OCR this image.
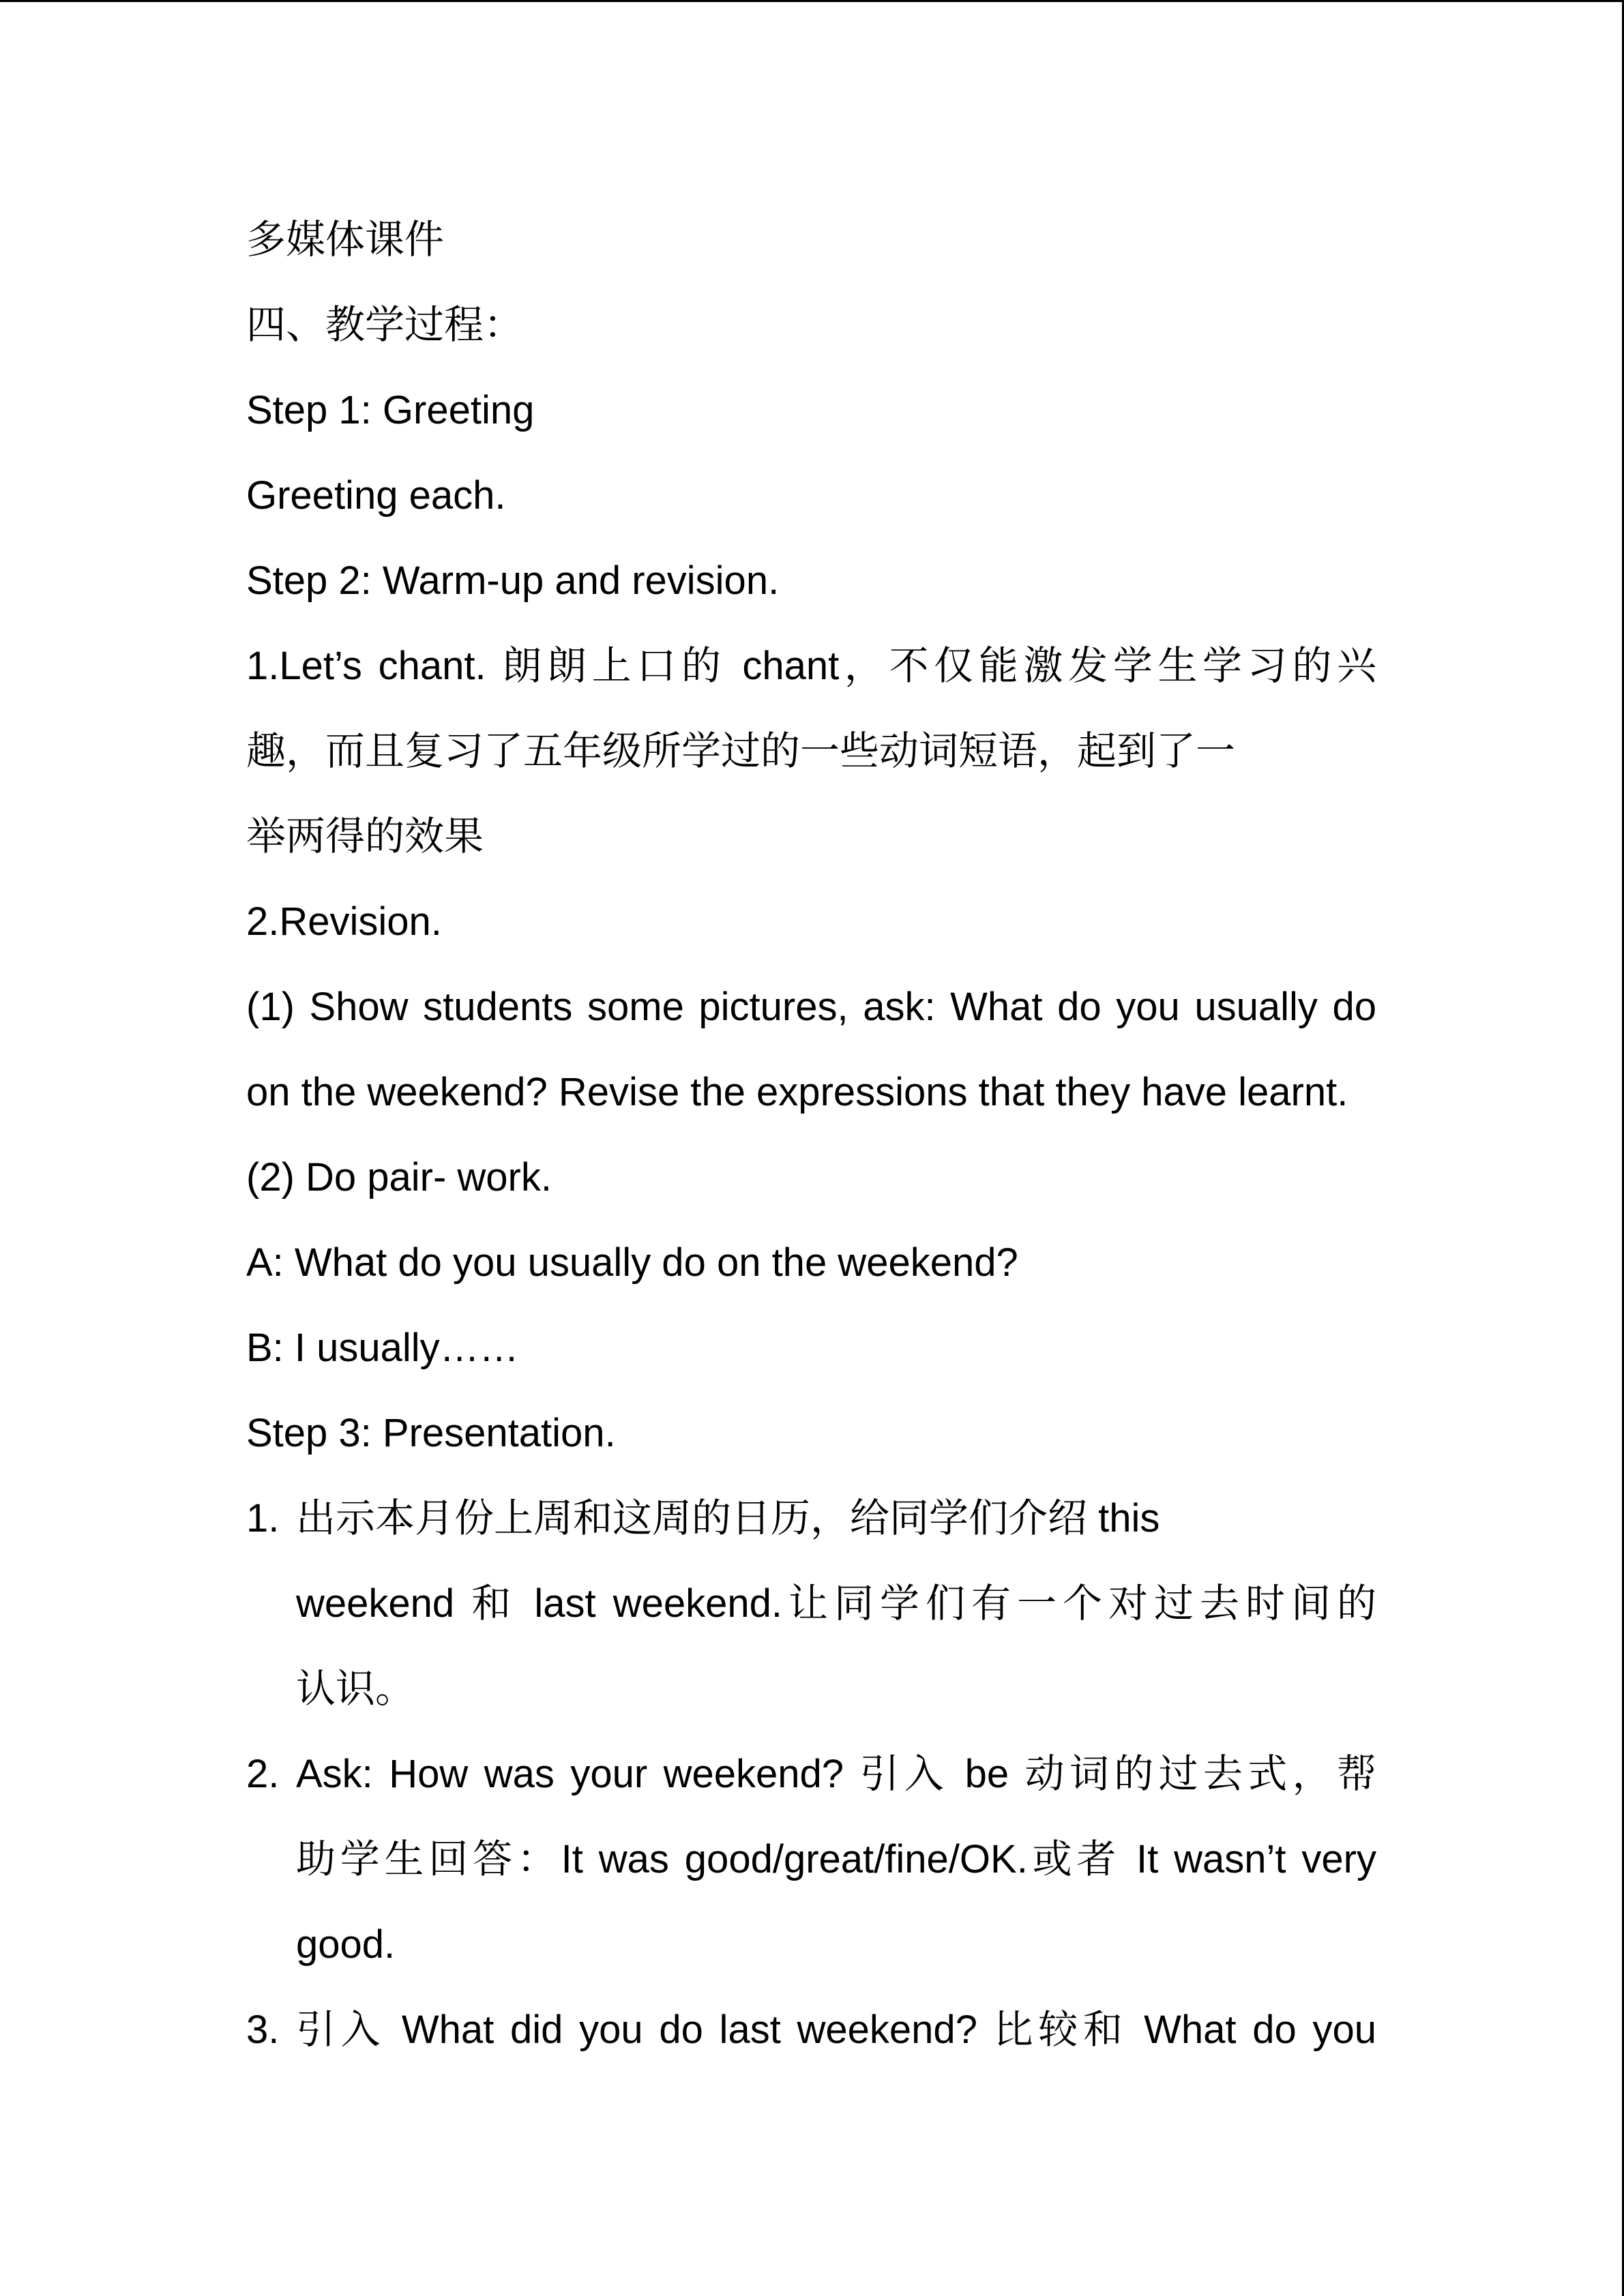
多媒体课件
四、教学过程：
Step 1: Greeting
Greeting each.
Step 2: Warm-up and revision.
1.Let’s chant. 朗朗上口的 chant，不仅能激发学生学习的兴
趣，而且复习了五年级所学过的一些动词短语，起到了一
举两得的效果
2.Revision.
(1) Show students some pictures, ask: What do you usually do
on the weekend? Revise the expressions that they have learnt.
(2) Do pair- work.
A: What do you usually do on the weekend?
B: I usually……
Step 3: Presentation.
1. 出示本月份上周和这周的日历，给同学们介绍 this
weekend 和 last weekend.让同学们有一个对过去时间的
认识。
2. Ask: How was your weekend? 引入 be 动词的过去式，帮
助学生回答：It was good/great/fine/OK.或者 It wasn’t very
good.
3. 引入 What did you do last weekend? 比较和 What do you
